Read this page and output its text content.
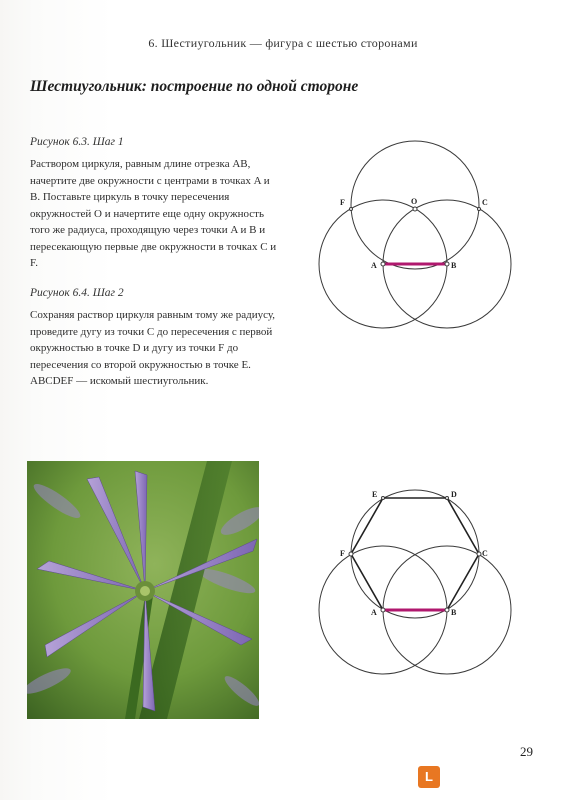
6. Шестиугольник — фигура с шестью сторонами
Шестиугольник: построение по одной стороне
Рисунок 6.3. Шаг 1

Раствором циркуля, равным длине отрезка AB, начертите две окружности с центрами в точках A и B. Поставьте циркуль в точку пересечения окружностей O и начертите еще одну окружность того же радиуса, проходящую через точки A и B и пересекающую первые две окружности в точках C и F.

Рисунок 6.4. Шаг 2

Сохраняя раствор циркуля равным тому же радиусу, проведите дугу из точки C до пересечения с первой окружностью в точке D и дугу из точки F до пересечения со второй окружностью в точке E. ABCDEF — искомый шестиугольник.

F	O	C
A	B
E	D
F	C
A	B
29
L
